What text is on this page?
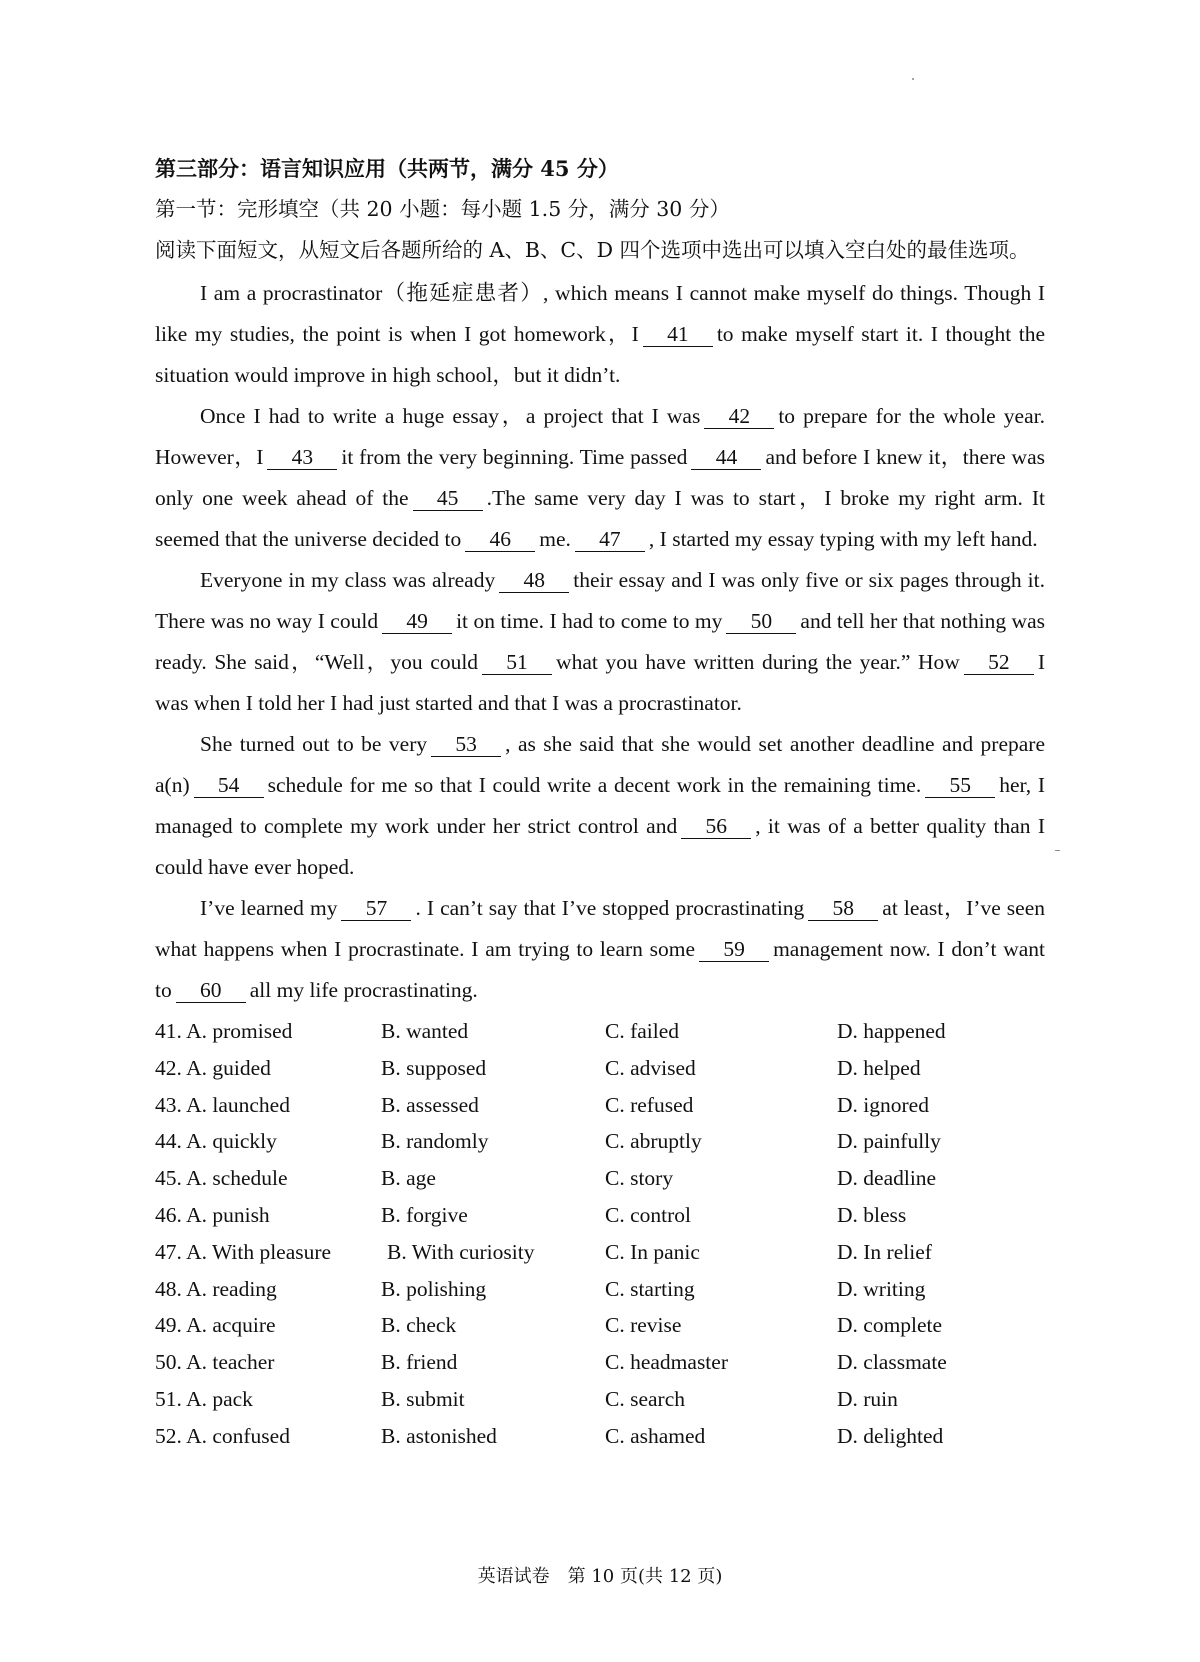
第三部分：语言知识应用（共两节，满分 45 分）
第一节：完形填空（共 20 小题：每小题 1.5 分，满分 30 分）
阅读下面短文，从短文后各题所给的 A、B、C、D 四个选项中选出可以填入空白处的最佳选项。

I am a procrastinator（拖延症患者）, which means I cannot make myself do things. Though I like my studies, the point is when I got homework，I 41 to make myself start it. I thought the situation would improve in high school，but it didn’t.

Once I had to write a huge essay，a project that I was 42 to prepare for the whole year. However，I 43 it from the very beginning. Time passed 44 and before I knew it，there was only one week ahead of the 45 .The same very day I was to start，I broke my right arm. It seemed that the universe decided to 46 me. 47 , I started my essay typing with my left hand.

Everyone in my class was already 48 their essay and I was only five or six pages through it. There was no way I could 49 it on time. I had to come to my 50 and tell her that nothing was ready. She said，“Well，you could 51 what you have written during the year.” How 52 I was when I told her I had just started and that I was a procrastinator.

She turned out to be very 53 , as she said that she would set another deadline and prepare a(n) 54 schedule for me so that I could write a decent work in the remaining time. 55 her, I managed to complete my work under her strict control and 56 , it was of a better quality than I could have ever hoped.

I’ve learned my 57 . I can’t say that I’ve stopped procrastinating 58 at least，I’ve seen what happens when I procrastinate. I am trying to learn some 59 management now. I don’t want to 60 all my life procrastinating.

41. A. promised	B. wanted	C. failed	D. happened
42. A. guided	B. supposed	C. advised	D. helped
43. A. launched	B. assessed	C. refused	D. ignored
44. A. quickly	B. randomly	C. abruptly	D. painfully
45. A. schedule	B. age	C. story	D. deadline
46. A. punish	B. forgive	C. control	D. bless
47. A. With pleasure	B. With curiosity	C. In panic	D. In relief
48. A. reading	B. polishing	C. starting	D. writing
49. A. acquire	B. check	C. revise	D. complete
50. A. teacher	B. friend	C. headmaster	D. classmate
51. A. pack	B. submit	C. search	D. ruin
52. A. confused	B. astonished	C. ashamed	D. delighted
英语试卷　第 10 页(共 12 页)
